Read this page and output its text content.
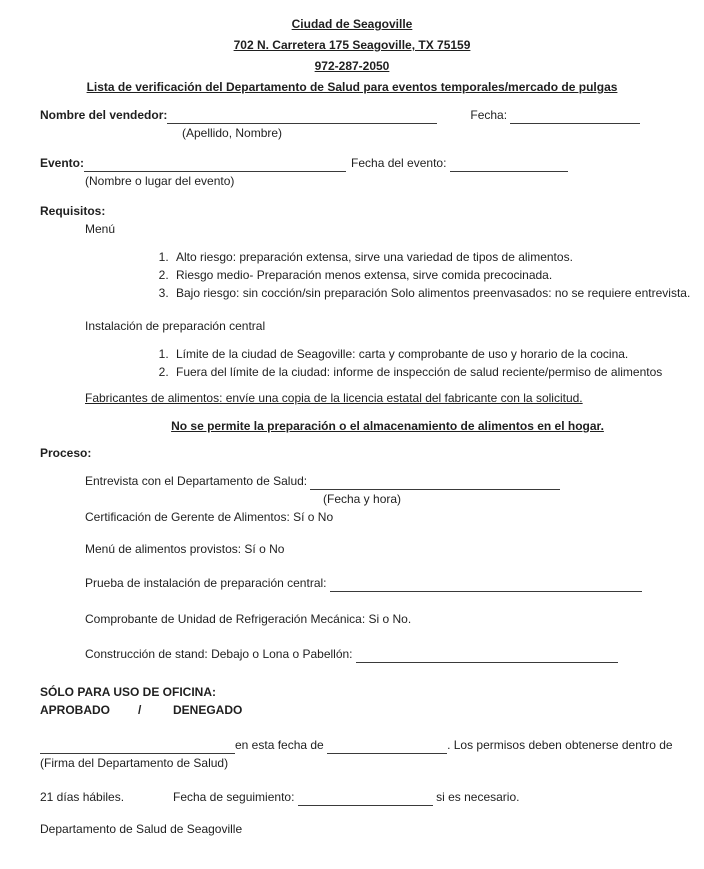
Ciudad de Seagoville
702 N. Carretera 175 Seagoville, TX 75159
972-287-2050
Lista de verificación del Departamento de Salud para eventos temporales/mercado de pulgas
Nombre del vendedor:	Fecha:
(Apellido, Nombre)
Evento:	Fecha del evento:
(Nombre o lugar del evento)
Requisitos:
Menú
1. Alto riesgo: preparación extensa, sirve una variedad de tipos de alimentos.
2. Riesgo medio- Preparación menos extensa, sirve comida precocinada.
3. Bajo riesgo: sin cocción/sin preparación Solo alimentos preenvasados: no se requiere entrevista.
Instalación de preparación central
1. Límite de la ciudad de Seagoville: carta y comprobante de uso y horario de la cocina.
2. Fuera del límite de la ciudad: informe de inspección de salud reciente/permiso de alimentos
Fabricantes de alimentos: envíe una copia de la licencia estatal del fabricante con la solicitud.
No se permite la preparación o el almacenamiento de alimentos en el hogar.
Proceso:
Entrevista con el Departamento de Salud:
(Fecha y hora)
Certificación de Gerente de Alimentos: Sí o No
Menú de alimentos provistos: Sí o No
Prueba de instalación de preparación central:
Comprobante de Unidad de Refrigeración Mecánica: Si o No.
Construcción de stand: Debajo o Lona o Pabellón:
SÓLO PARA USO DE OFICINA:
APROBADO /	DENEGADO
en esta fecha de	. Los permisos deben obtenerse dentro de
(Firma del Departamento de Salud)
21 días hábiles.	Fecha de seguimiento:	si es necesario.
Departamento de Salud de Seagoville
